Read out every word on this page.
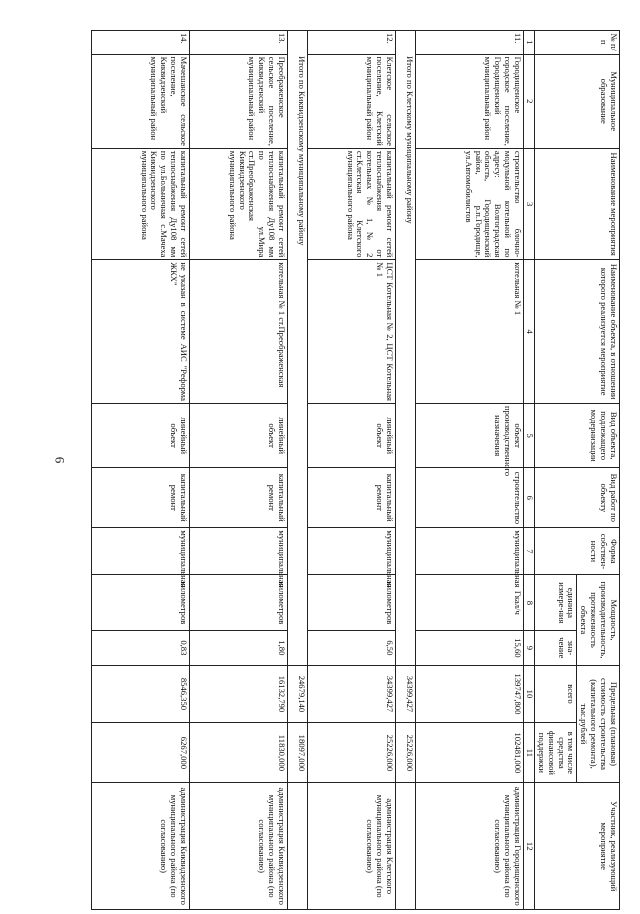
6
№ п/п	Муниципальное образование	Наименование мероприятия	Наименование объекта, в отношении которого реализуется мероприятие	Вид объекта, подлежащего модернизации	Вид работ по объекту	Форма собствен-ности	Мощность, производительность, протяженность объекта		Предельная (плановая) стоимость строительства (капитального ремонта), тыс.рублей		Участник, реализующий мероприятие
							единица измере-ния	зна-чение	всего	в том числе средства финансовой поддержки	
1	2	3	4	5	6	7	8	9	10	11	12
11.	Городищенское городское поселение, Городищенский муниципальный район	строительство блочно-модульной котельной по адресу: Волгоградская область, Городищенский район, р.п.Городище, ул.Автомобилистов	котельная № 1	объект производственного назначения	строительство	муниципальная	Гкал/ч	15,60	139747,800	102481,000	администрация Городищенского муниципального района (по согласованию)
	Итого по Клетскому муниципальному району								34399,427	25226,000	
12.	Клетское сельское поселение, Клетский муниципальный район	капитальный ремонт сетей теплоснабжения от котельных № 1, № 2 ст.Клетская Клетского муниципального района	ЦСТ Котельная № 2, ЦСТ Котельная № 1	линейный объект	капитальный ремонт	муниципальная	километров	6,50	34399,427	25226,000	администрация Клетского муниципального района (по согласованию)
	Итого по Киквидзенскому муниципальному району								24679,140	18097,000	
13.	Преображенское сельское поселение, Киквидзенский муниципальный район	капитальный ремонт сетей теплоснабжения Ду108 мм по ул.Мира ст.Преображенская Киквидзенского муниципального района	котельная № 1 ст.Преображенская	линейный объект	капитальный ремонт	муниципальная	километров	1,80	16132,790	11830,000	администрация Киквидзенского муниципального района (по согласованию)
14.	Мачешанское сельское поселение, Киквидзенский муниципальный район	капитальный ремонт сетей теплоснабжения Ду108 мм по ул.Больничная с.Мачеха Киквидзенского муниципального района	не указан в системе АИС "Реформа ЖКХ"	линейный объект	капитальный ремонт	муниципальная	километров	0,83	8546,350	6267,000	администрация Киквидзенского муниципального района (по согласованию)
